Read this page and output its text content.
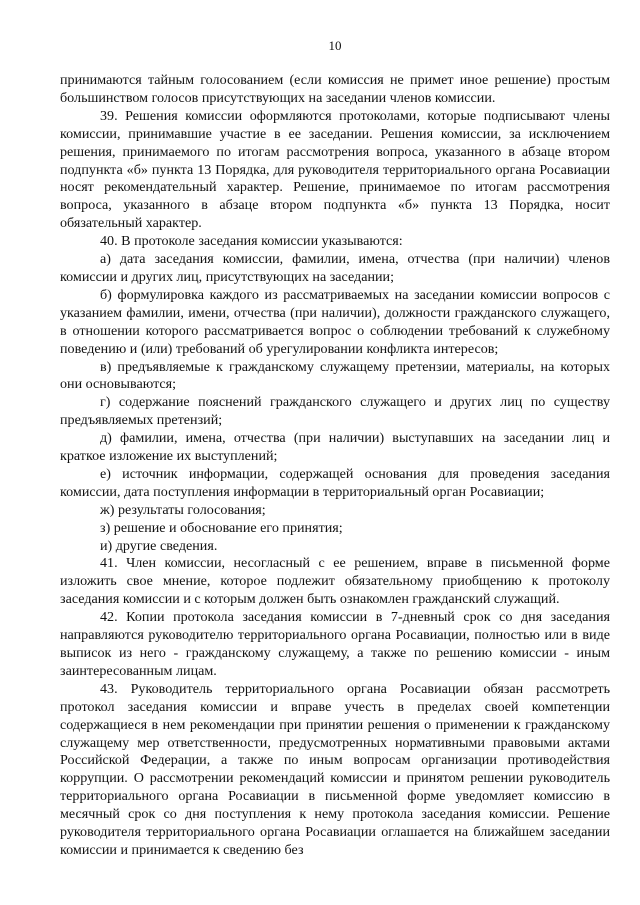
10

принимаются тайным голосованием (если комиссия не примет иное решение) простым большинством голосов присутствующих на заседании членов комиссии.

39. Решения комиссии оформляются протоколами, которые подписывают члены комиссии, принимавшие участие в ее заседании. Решения комиссии, за исключением решения, принимаемого по итогам рассмотрения вопроса, указанного в абзаце втором подпункта «б» пункта 13 Порядка, для руководителя территориального органа Росавиации носят рекомендательный характер. Решение, принимаемое по итогам рассмотрения вопроса, указанного в абзаце втором подпункта «б» пункта 13 Порядка, носит обязательный характер.

40. В протоколе заседания комиссии указываются:

а) дата заседания комиссии, фамилии, имена, отчества (при наличии) членов комиссии и других лиц, присутствующих на заседании;

б) формулировка каждого из рассматриваемых на заседании комиссии вопросов с указанием фамилии, имени, отчества (при наличии), должности гражданского служащего, в отношении которого рассматривается вопрос о соблюдении требований к служебному поведению и (или) требований об урегулировании конфликта интересов;

в) предъявляемые к гражданскому служащему претензии, материалы, на которых они основываются;

г) содержание пояснений гражданского служащего и других лиц по существу предъявляемых претензий;

д) фамилии, имена, отчества (при наличии) выступавших на заседании лиц и краткое изложение их выступлений;

е) источник информации, содержащей основания для проведения заседания комиссии, дата поступления информации в территориальный орган Росавиации;

ж) результаты голосования;

з) решение и обоснование его принятия;

и) другие сведения.

41. Член комиссии, несогласный с ее решением, вправе в письменной форме изложить свое мнение, которое подлежит обязательному приобщению к протоколу заседания комиссии и с которым должен быть ознакомлен гражданский служащий.

42. Копии протокола заседания комиссии в 7-дневный срок со дня заседания направляются руководителю территориального органа Росавиации, полностью или в виде выписок из него - гражданскому служащему, а также по решению комиссии - иным заинтересованным лицам.

43. Руководитель территориального органа Росавиации обязан рассмотреть протокол заседания комиссии и вправе учесть в пределах своей компетенции содержащиеся в нем рекомендации при принятии решения о применении к гражданскому служащему мер ответственности, предусмотренных нормативными правовыми актами Российской Федерации, а также по иным вопросам организации противодействия коррупции. О рассмотрении рекомендаций комиссии и принятом решении руководитель территориального органа Росавиации в письменной форме уведомляет комиссию в месячный срок со дня поступления к нему протокола заседания комиссии. Решение руководителя территориального органа Росавиации оглашается на ближайшем заседании комиссии и принимается к сведению без
